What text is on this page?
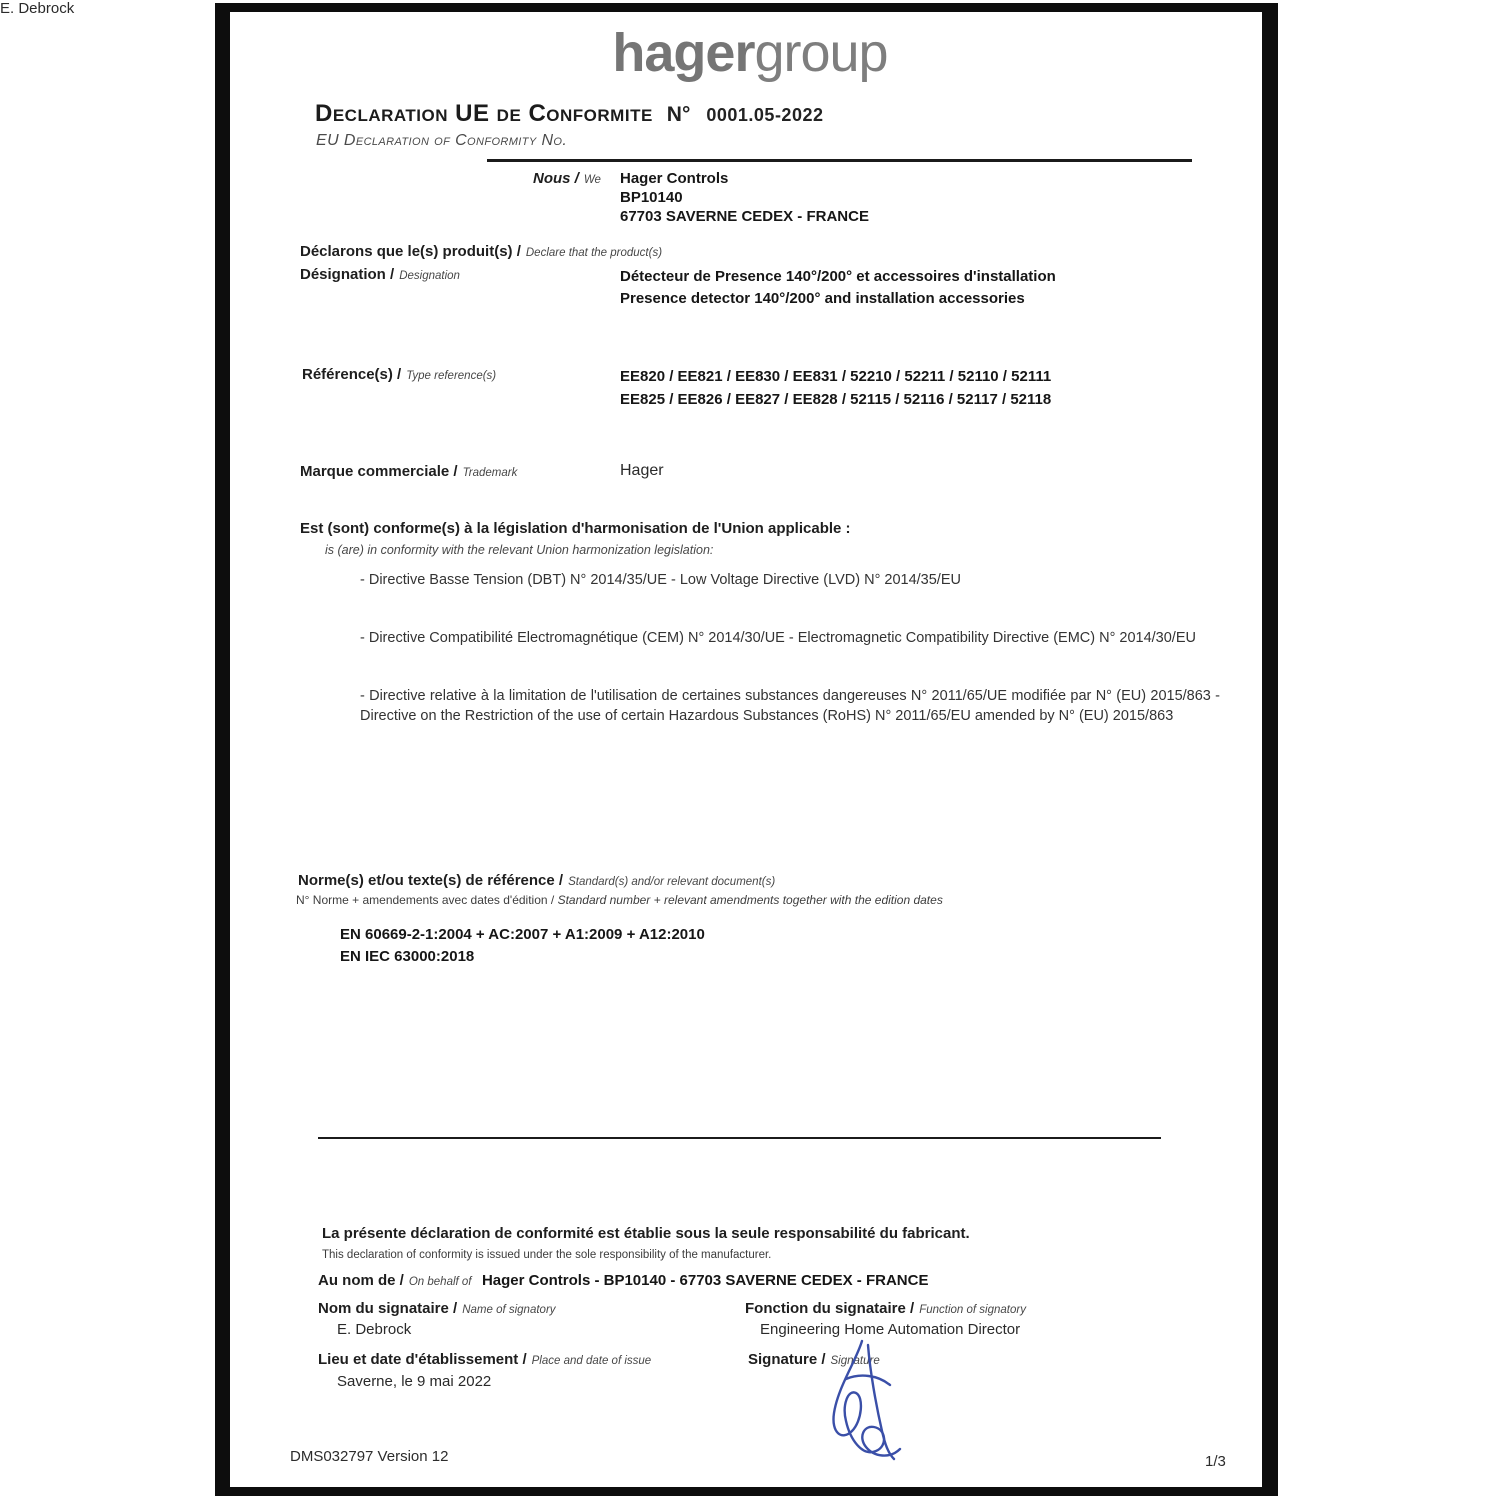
hagergroup
Declaration UE de Conformite N° 0001.05-2022
EU Declaration of Conformity No.
Nous / We Hager Controls
BP10140
67703 SAVERNE CEDEX - FRANCE
Déclarons que le(s) produit(s) / Declare that the product(s)
Désignation / Designation	Détecteur de Presence 140°/200° et accessoires d'installation
Presence detector 140°/200° and installation accessories
Référence(s) / Type reference(s)	EE820 / EE821 / EE830 / EE831 / 52210 / 52211 / 52110 / 52111
EE825 / EE826 / EE827 / EE828 / 52115 / 52116 / 52117 / 52118
Marque commerciale / Trademark	Hager
Est (sont) conforme(s) à la législation d'harmonisation de l'Union applicable :
is (are) in conformity with the relevant Union harmonization legislation:
- Directive Basse Tension (DBT) N° 2014/35/UE - Low Voltage Directive (LVD) N° 2014/35/EU
- Directive Compatibilité Electromagnétique (CEM) N° 2014/30/UE - Electromagnetic Compatibility Directive (EMC) N° 2014/30/EU
- Directive relative à la limitation de l'utilisation de certaines substances dangereuses N° 2011/65/UE modifiée par N° (EU) 2015/863 - Directive on the Restriction of the use of certain Hazardous Substances (RoHS) N° 2011/65/EU amended by N° (EU) 2015/863
Norme(s) et/ou texte(s) de référence / Standard(s) and/or relevant document(s)
N° Norme + amendements avec dates d'édition / Standard number + relevant amendments together with the edition dates
EN 60669-2-1:2004 + AC:2007 + A1:2009 + A12:2010
EN IEC 63000:2018
La présente déclaration de conformité est établie sous la seule responsabilité du fabricant.
This declaration of conformity is issued under the sole responsibility of the manufacturer.
Au nom de / On behalf of Hager Controls - BP10140 - 67703 SAVERNE CEDEX - FRANCE
Nom du signataire / Name of signatory
E. Debrock
E. Debrock
Fonction du signataire / Function of signatory
Engineering Home Automation Director
Lieu et date d'établissement / Place and date of issue
Saverne, le 9 mai 2022
Signature / Signature
DMS032797 Version 12	1/3
